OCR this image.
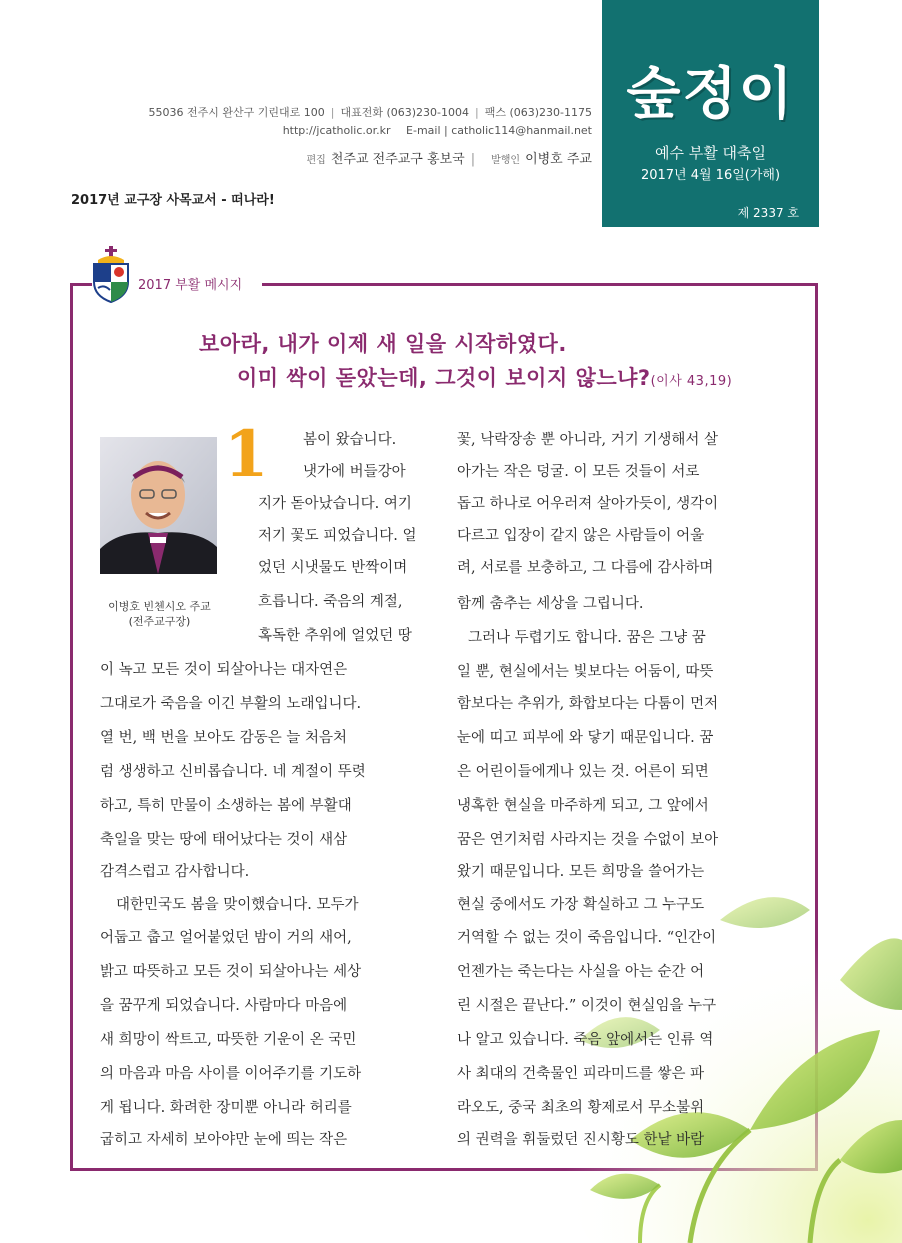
55036 전주시 완산구 기린대로 100 | 대표전화 (063)230-1004 | 팩스 (063)230-1175
http://jcatholic.or.kr E-mail | catholic114@hanmail.net
편집 천주교 전주교구 홍보국 | 발행인 이병호 주교
2017년 교구장 사목교서 - 떠나라!
숲정이
예수 부활 대축일
2017년 4월 16일(가해)
제 2337 호
2017 부활 메시지
보아라, 내가 이제 새 일을 시작하였다.
이미 싹이 돋았는데, 그것이 보이지 않느냐?(이사 43,19)
이병호 빈첸시오 주교
(전주교구장)
1 봄이 왔습니다.
냇가에 버들강아
지가 돋아났습니다. 여기
저기 꽃도 피었습니다. 얼
었던 시냇물도 반짝이며
흐릅니다. 죽음의 계절,
혹독한 추위에 얼었던 땅
이 녹고 모든 것이 되살아나는 대자연은
그대로가 죽음을 이긴 부활의 노래입니다.
열 번, 백 번을 보아도 감동은 늘 처음처
럼 생생하고 신비롭습니다. 네 계절이 뚜렷
하고, 특히 만물이 소생하는 봄에 부활대
축일을 맞는 땅에 태어났다는 것이 새삼
감격스럽고 감사합니다.
대한민국도 봄을 맞이했습니다. 모두가
어둡고 춥고 얼어붙었던 밤이 거의 새어,
밝고 따뜻하고 모든 것이 되살아나는 세상
을 꿈꾸게 되었습니다. 사람마다 마음에
새 희망이 싹트고, 따뜻한 기운이 온 국민
의 마음과 마음 사이를 이어주기를 기도하
게 됩니다. 화려한 장미뿐 아니라 허리를
굽히고 자세히 보아야만 눈에 띄는 작은
꽃, 낙락장송 뿐 아니라, 거기 기생해서 살
아가는 작은 덩굴. 이 모든 것들이 서로
돕고 하나로 어우러져 살아가듯이, 생각이
다르고 입장이 같지 않은 사람들이 어울
려, 서로를 보충하고, 그 다름에 감사하며
함께 춤추는 세상을 그립니다.
그러나 두렵기도 합니다. 꿈은 그냥 꿈
일 뿐, 현실에서는 빛보다는 어둠이, 따뜻
함보다는 추위가, 화합보다는 다툼이 먼저
눈에 띠고 피부에 와 닿기 때문입니다. 꿈
은 어린이들에게나 있는 것. 어른이 되면
냉혹한 현실을 마주하게 되고, 그 앞에서
꿈은 연기처럼 사라지는 것을 수없이 보아
왔기 때문입니다. 모든 희망을 쓸어가는
현실 중에서도 가장 확실하고 그 누구도
거역할 수 없는 것이 죽음입니다. “인간이
언젠가는 죽는다는 사실을 아는 순간 어
린 시절은 끝난다.” 이것이 현실임을 누구
나 알고 있습니다. 죽음 앞에서는 인류 역
사 최대의 건축물인 피라미드를 쌓은 파
라오도, 중국 최초의 황제로서 무소불위
의 권력을 휘둘렀던 진시황도 한낱 바람
